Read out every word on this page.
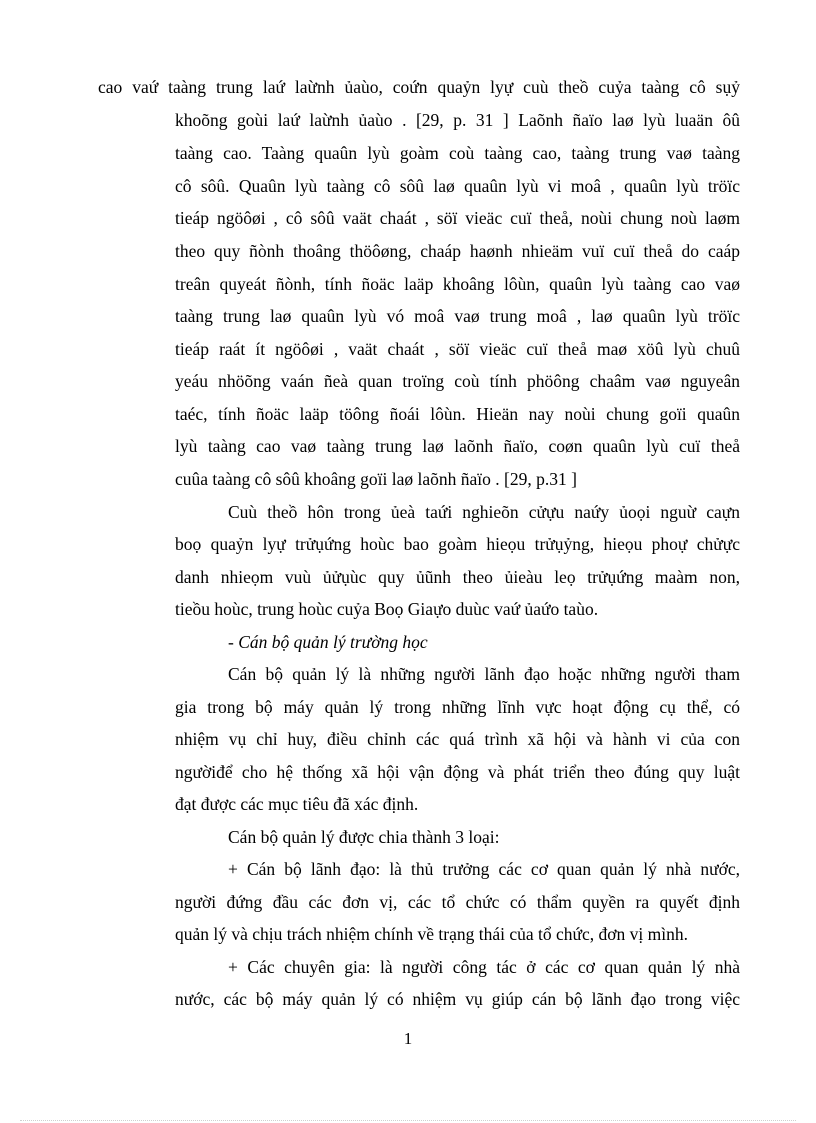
cao vaứ taàng trung laứ laừnh ủaùo, coứn quaỷn lyự cuù theồ cuỷa taàng cô sụỷ
khoõng goùi laứ laừnh ủaùo . [29, p. 31 ] Laõnh ñaïo laø lyù luaän ôû
taàng cao. Taàng quaûn lyù goàm coù taàng cao, taàng trung vaø taàng
cô sôû. Quaûn lyù taàng cô sôû laø quaûn lyù vi moâ , quaûn lyù tröïc
tieáp ngöôøi , cô sôû vaät chaát , söï vieäc cuï theå, noùi chung noù laøm
theo quy ñònh thoâng thöôøng, chaáp haønh nhieäm vuï cuï theå do caáp
treân quyeát ñònh, tính ñoäc laäp khoâng lôùn, quaûn lyù taàng cao vaø
taàng trung laø quaûn lyù vó moâ vaø trung moâ , laø quaûn lyù tröïc
tieáp raát ít ngöôøi , vaät chaát , söï vieäc cuï theå maø xöû lyù chuû
yeáu nhöõng vaán ñeà quan troïng coù tính phöông chaâm vaø nguyeân
taéc, tính ñoäc laäp töông ñoái lôùn. Hieän nay noùi chung goïi quaûn
lyù taàng cao vaø taàng trung laø laõnh ñaïo, coøn quaûn lyù cuï theå
cuûa taàng cô sôû khoâng goïi laø laõnh ñaïo . [29, p.31 ]
Cuù theồ hôn trong ủeà taứi nghieõn cửựu naứy ủoọi nguừ caựn
boọ quaỷn lyự trửụứng hoùc bao goàm hieọu trửụỷng, hieọu phoự chửực
danh nhieọm vuù ủửụùc quy ủũnh theo ủieàu leọ trửụứng maàm non,
tieồu hoùc, trung hoùc cuỷa Boọ Giaựo duùc vaứ ủaứo taùo.
- Cán bộ quản lý trường học
Cán bộ quản lý là những người lãnh đạo hoặc những người tham
gia trong bộ máy quản lý trong những lĩnh vực hoạt động cụ thể, có
nhiệm vụ chỉ huy, điều chỉnh các quá trình xã hội và hành vi của con
ngườiđể cho hệ thống xã hội vận động và phát triển theo đúng quy luật
đạt được các mục tiêu đã xác định.
Cán bộ quản lý được chia thành 3 loại:
+ Cán bộ lãnh đạo: là thủ trưởng các cơ quan quản lý nhà nước,
người đứng đầu các đơn vị, các tổ chức có thẩm quyền ra quyết định
quản lý và chịu trách nhiệm chính về trạng thái của tổ chức, đơn vị mình.
+ Các chuyên gia: là người công tác ở các cơ quan quản lý nhà
nước, các bộ máy quản lý có nhiệm vụ giúp cán bộ lãnh đạo trong việc
1
